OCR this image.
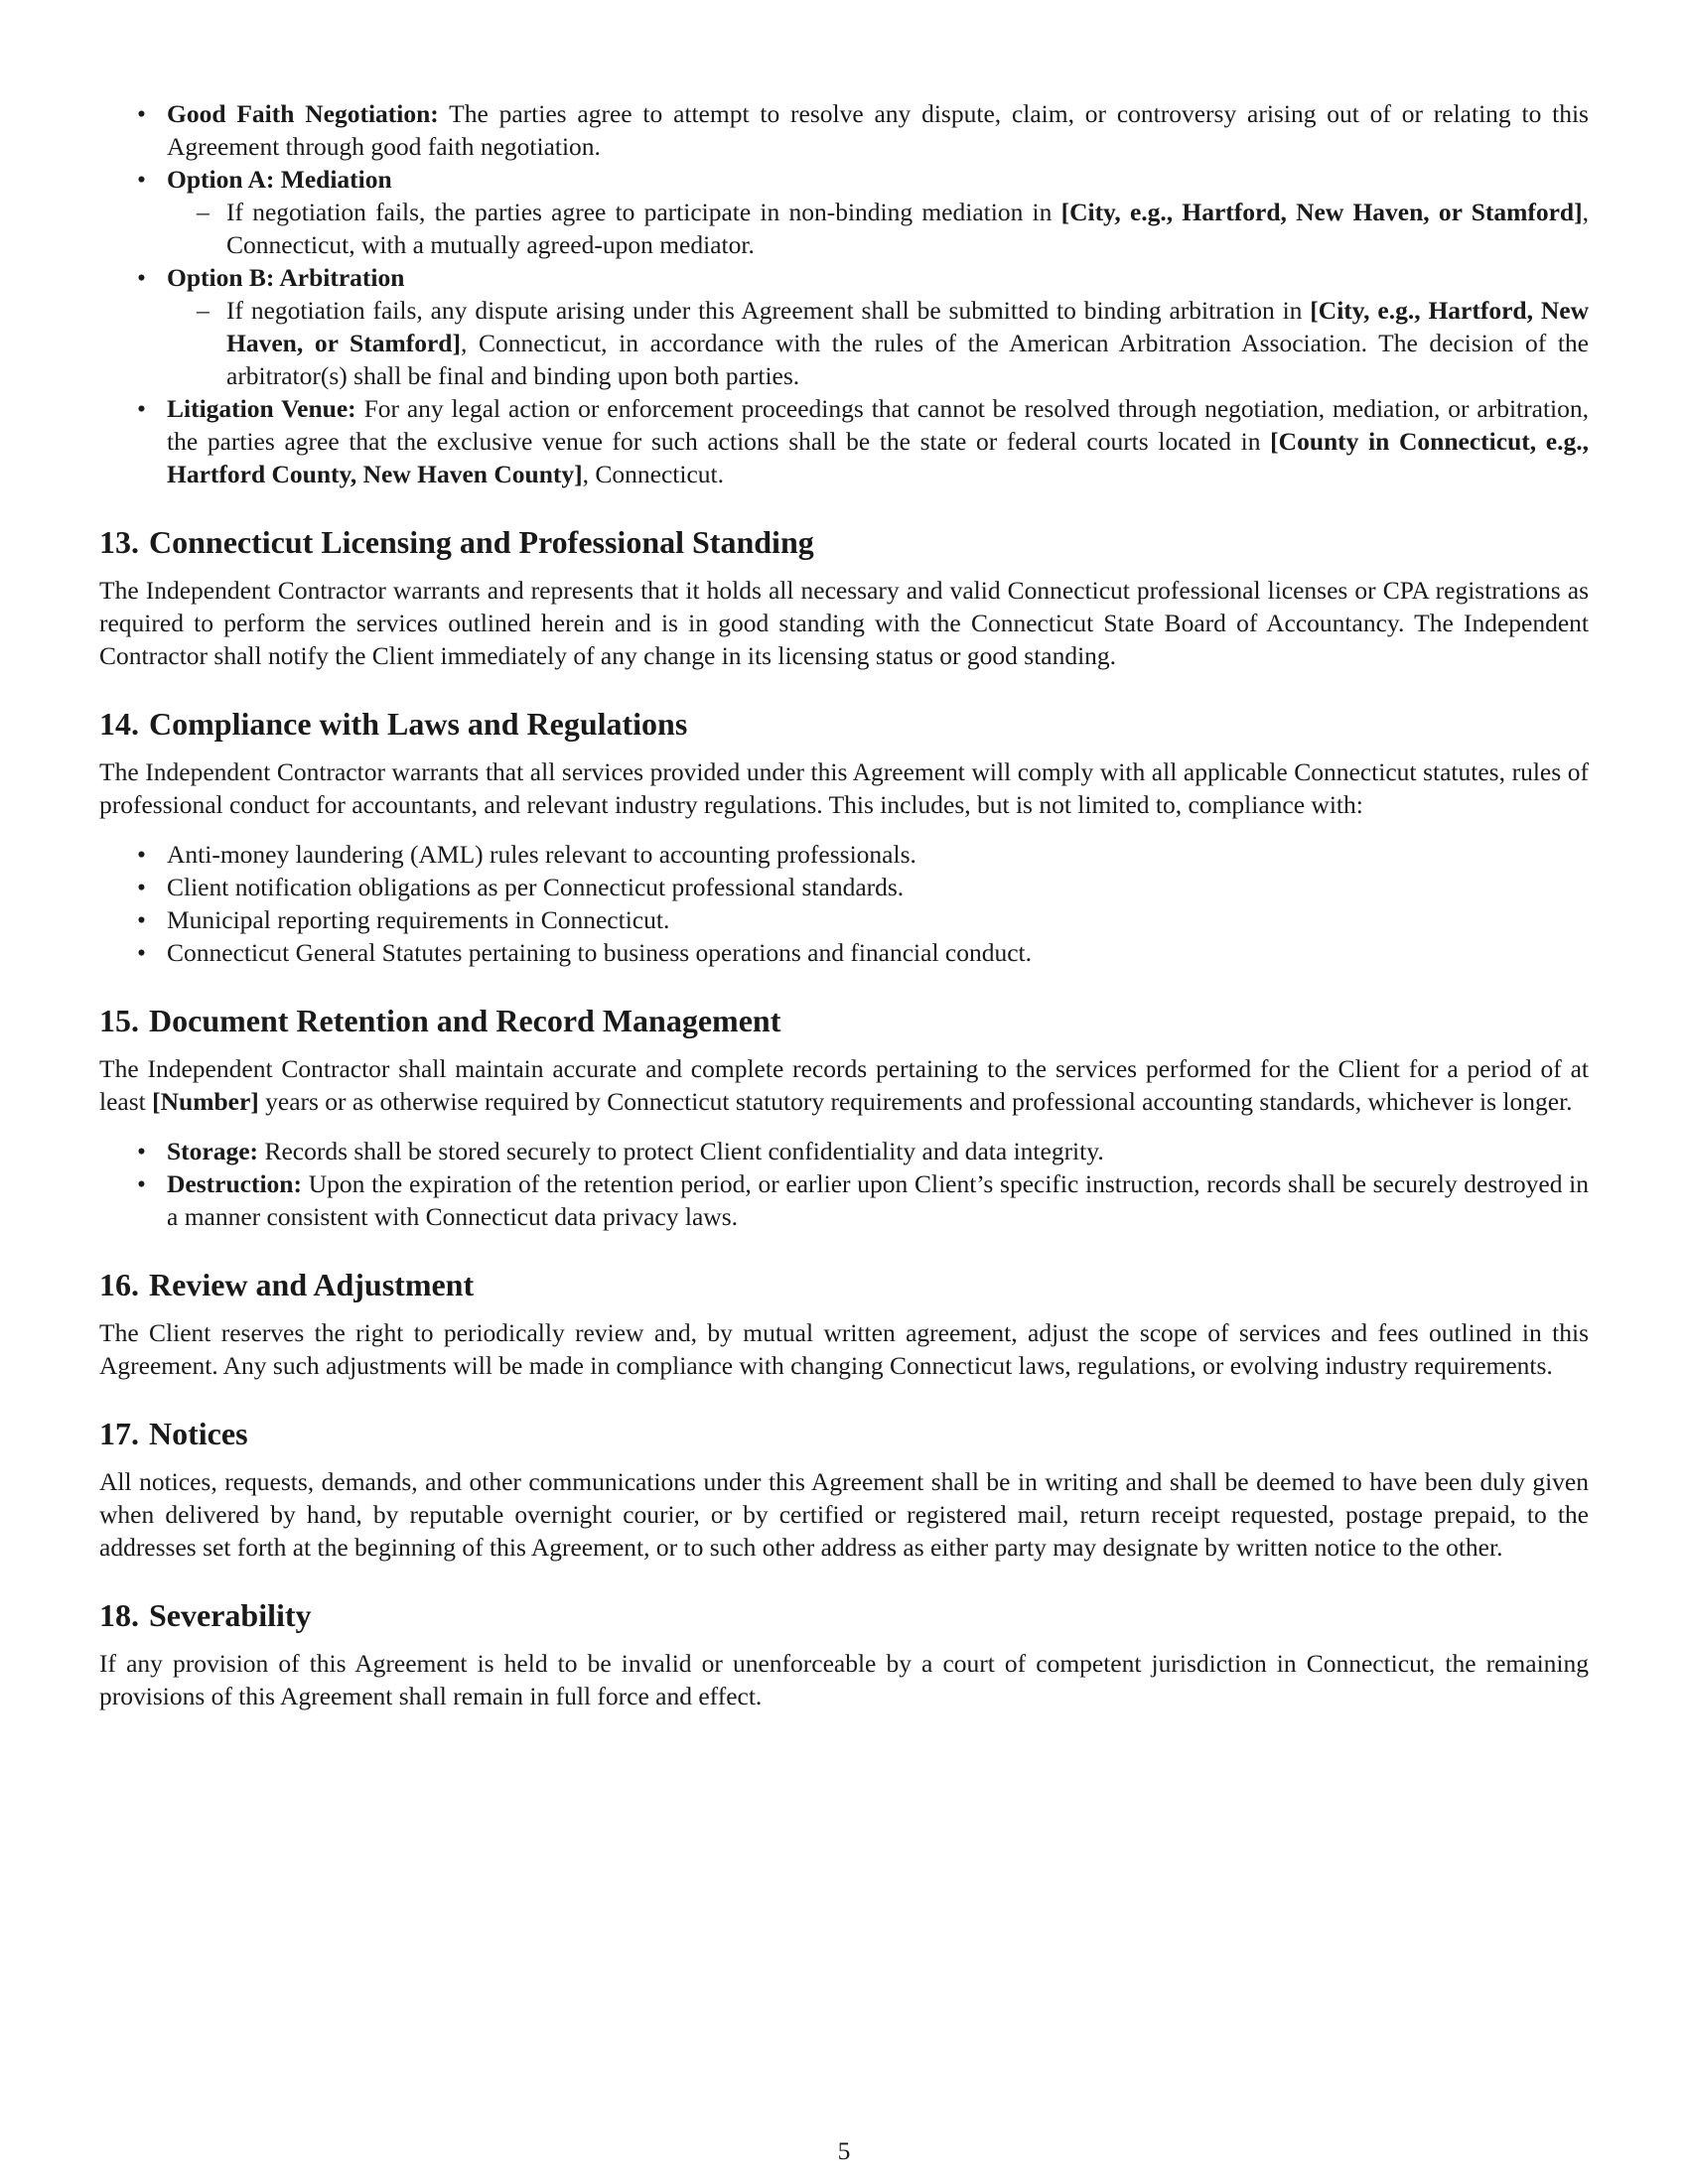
• Good Faith Negotiation: The parties agree to attempt to resolve any dispute, claim, or controversy arising out of or relating to this Agreement through good faith negotiation.
• Option A: Mediation
– If negotiation fails, the parties agree to participate in non-binding mediation in [City, e.g., Hartford, New Haven, or Stamford], Connecticut, with a mutually agreed-upon mediator.
• Option B: Arbitration
– If negotiation fails, any dispute arising under this Agreement shall be submitted to binding arbitration in [City, e.g., Hartford, New Haven, or Stamford], Connecticut, in accordance with the rules of the American Arbitration Association. The decision of the arbitrator(s) shall be final and binding upon both parties.
• Litigation Venue: For any legal action or enforcement proceedings that cannot be resolved through negotiation, mediation, or arbitration, the parties agree that the exclusive venue for such actions shall be the state or federal courts located in [County in Connecticut, e.g., Hartford County, New Haven County], Connecticut.
13. Connecticut Licensing and Professional Standing

The Independent Contractor warrants and represents that it holds all necessary and valid Connecticut professional licenses or CPA registrations as required to perform the services outlined herein and is in good standing with the Connecticut State Board of Accountancy. The Independent Contractor shall notify the Client immediately of any change in its licensing status or good standing.

14. Compliance with Laws and Regulations

The Independent Contractor warrants that all services provided under this Agreement will comply with all applicable Connecticut statutes, rules of professional conduct for accountants, and relevant industry regulations. This includes, but is not limited to, compliance with:

• Anti-money laundering (AML) rules relevant to accounting professionals.
• Client notification obligations as per Connecticut professional standards.
• Municipal reporting requirements in Connecticut.
• Connecticut General Statutes pertaining to business operations and financial conduct.
15. Document Retention and Record Management

The Independent Contractor shall maintain accurate and complete records pertaining to the services performed for the Client for a period of at least [Number] years or as otherwise required by Connecticut statutory requirements and professional accounting standards, whichever is longer.

• Storage: Records shall be stored securely to protect Client confidentiality and data integrity.
• Destruction: Upon the expiration of the retention period, or earlier upon Client’s specific instruction, records shall be securely destroyed in a manner consistent with Connecticut data privacy laws.
16. Review and Adjustment

The Client reserves the right to periodically review and, by mutual written agreement, adjust the scope of services and fees outlined in this Agreement. Any such adjustments will be made in compliance with changing Connecticut laws, regulations, or evolving industry requirements.

17. Notices

All notices, requests, demands, and other communications under this Agreement shall be in writing and shall be deemed to have been duly given when delivered by hand, by reputable overnight courier, or by certified or registered mail, return receipt requested, postage prepaid, to the addresses set forth at the beginning of this Agreement, or to such other address as either party may designate by written notice to the other.

18. Severability

If any provision of this Agreement is held to be invalid or unenforceable by a court of competent jurisdiction in Connecticut, the remaining provisions of this Agreement shall remain in full force and effect.

5
